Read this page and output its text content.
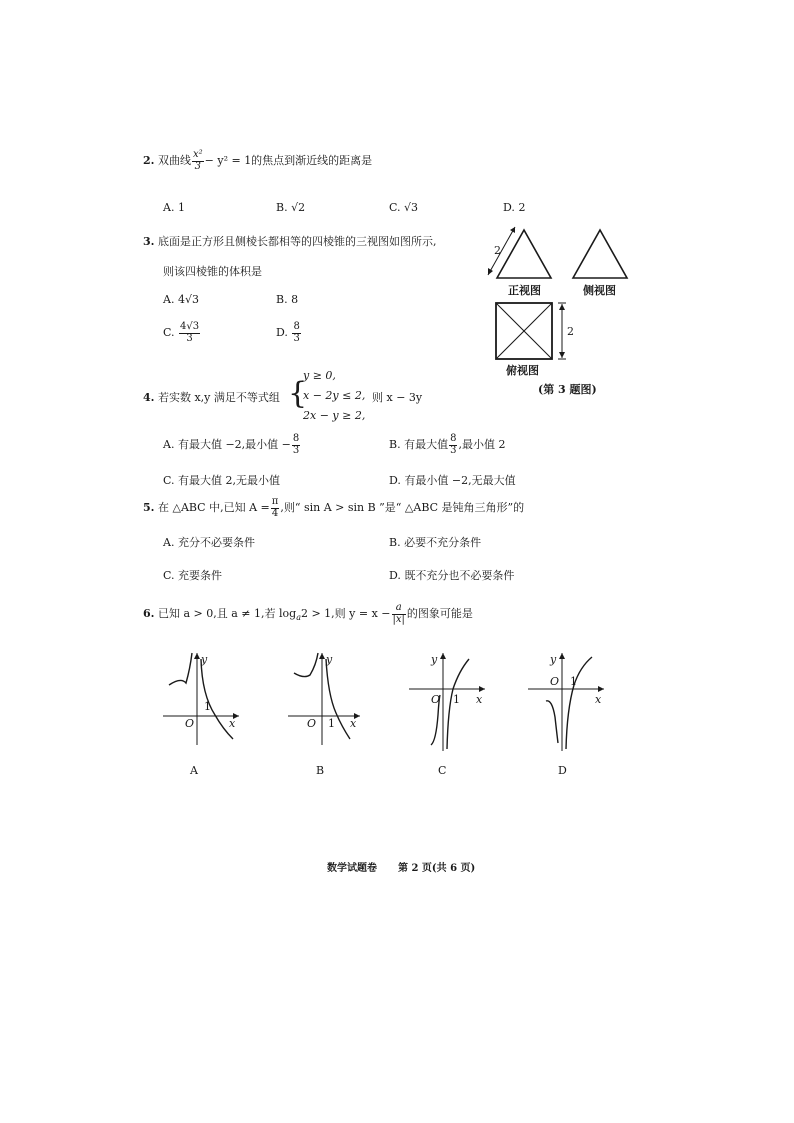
2. 双曲线 $\frac{\text{x²}}{3} - y^2 = 1$的焦点到渐近线的距离是
A. 1	B. √2	C. √3	D. 2
3. 底面是正方形且侧棱长都相等的四棱锥的三视图如图所示,
则该四棱锥的体积是
A. 4√3	B. 8
C. $\frac{4√3}{3}$	D. $\frac{8}{3}$
2
正视图	侧视图
2
俯视图
(第 3 题图)
4. 若实数 x,y 满足不等式组 {
y ≥ 0,
x − 2y ≤ 2,
2x − y ≥ 2,
则 x − 3y
A. 有最大值 −2,最小值 − $\frac{8}{3}$	B. 有最大值 $\frac{8}{3}$ ,最小值 2
C. 有最大值 2,无最小值	D. 有最小值 −2,无最大值
5. 在 △ABC 中,已知 $A = \frac{\pi}{4}$ ,则“ sin A > sin B ”是“ △ABC 是钝角三角形”的
A. 充分不必要条件	B. 必要不充分条件
C. 充要条件	D. 既不充分也不必要条件
6. 已知 a > 0,且 a ≠ 1,若 $\log_a2 > 1$,则 $y = x - \frac{a}{|x|}$ 的图象可能是
y
x
O
1
A
y
x
O 1
B
y
x
O 1
C
y
x
O 1
D
数学试题卷 第 2 页(共 6 页)
